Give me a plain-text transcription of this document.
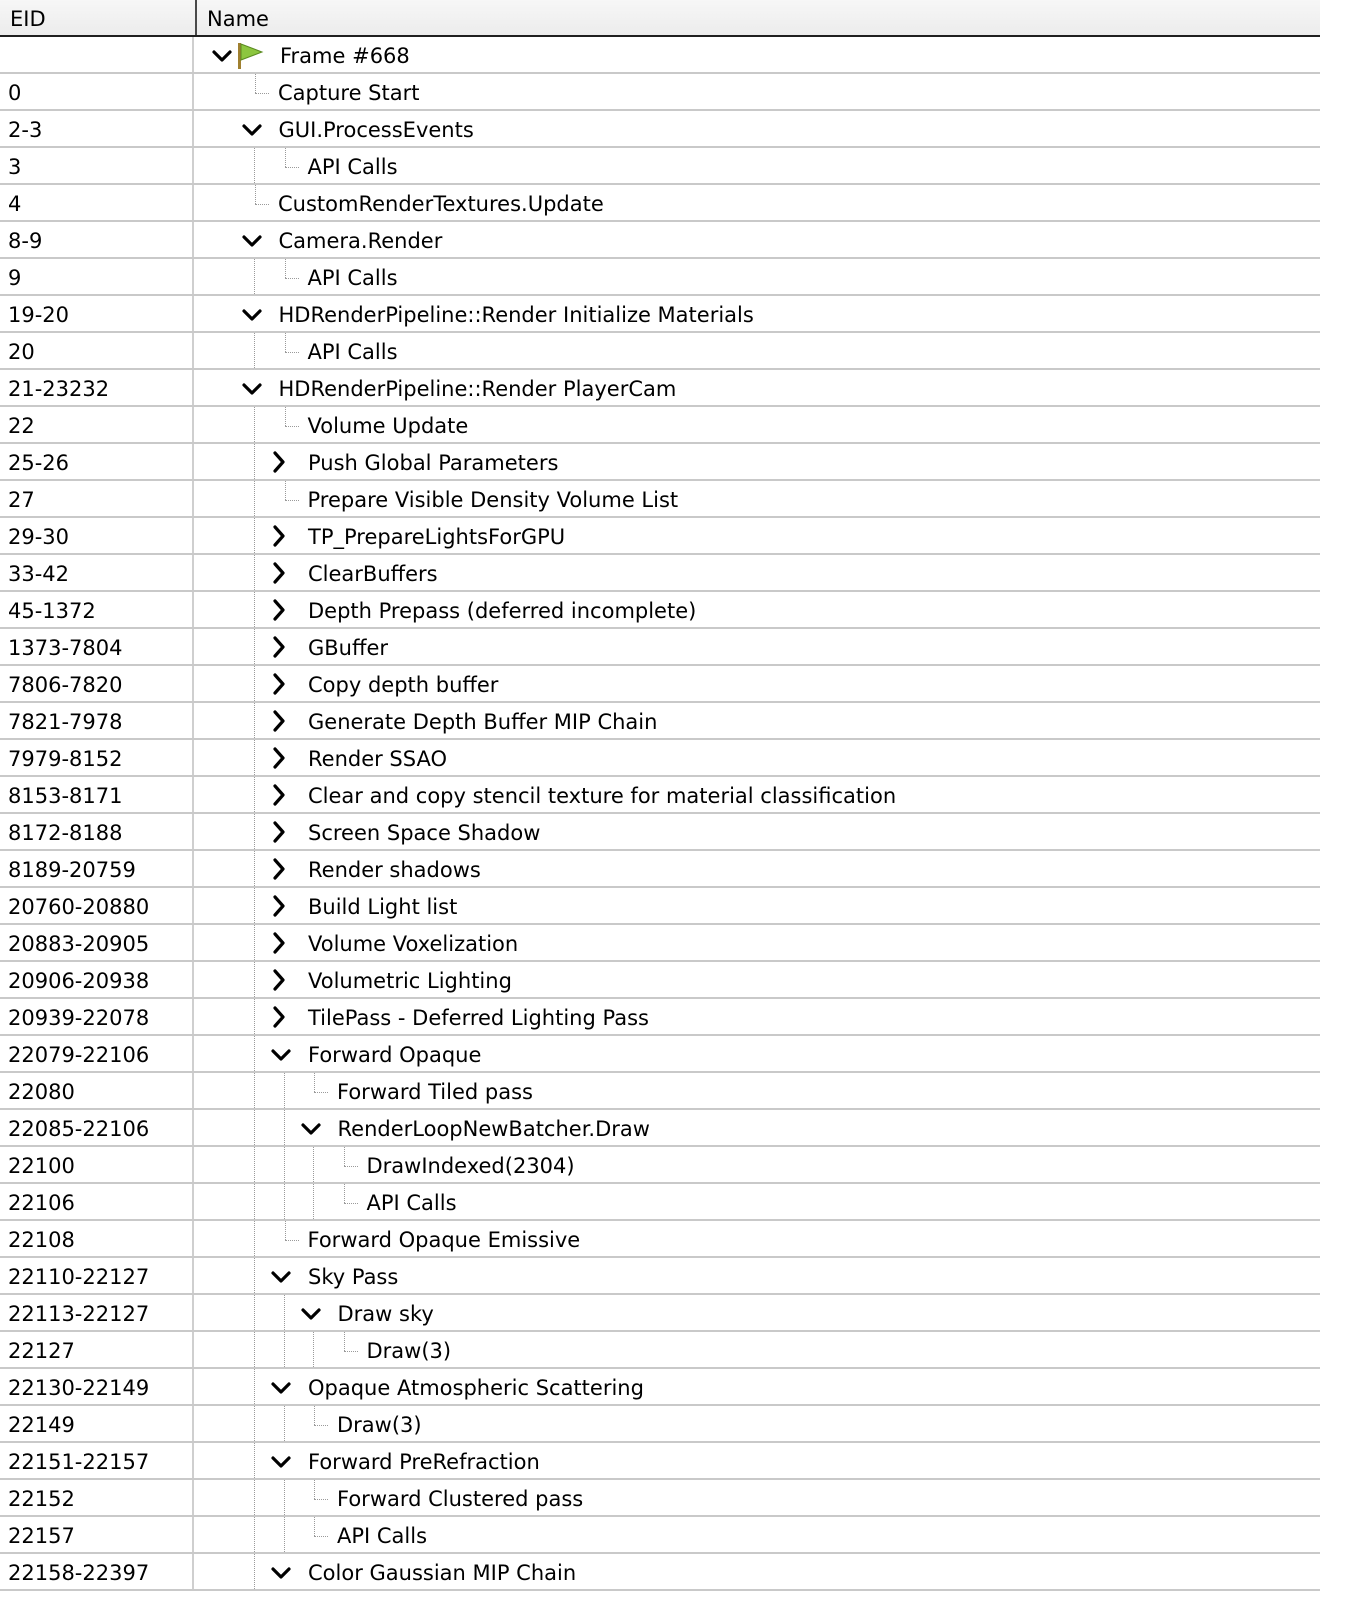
EID	Name
Frame #668
0	Capture Start
2-3	GUI.ProcessEvents
3	API Calls
4	CustomRenderTextures.Update
8-9	Camera.Render
9	API Calls
19-20	HDRenderPipeline::Render Initialize Materials
20	API Calls
21-23232	HDRenderPipeline::Render PlayerCam
22	Volume Update
25-26	Push Global Parameters
27	Prepare Visible Density Volume List
29-30	TP_PrepareLightsForGPU
33-42	ClearBuffers
45-1372	Depth Prepass (deferred incomplete)
1373-7804	GBuffer
7806-7820	Copy depth buffer
7821-7978	Generate Depth Buffer MIP Chain
7979-8152	Render SSAO
8153-8171	Clear and copy stencil texture for material classification
8172-8188	Screen Space Shadow
8189-20759	Render shadows
20760-20880	Build Light list
20883-20905	Volume Voxelization
20906-20938	Volumetric Lighting
20939-22078	TilePass - Deferred Lighting Pass
22079-22106	Forward Opaque
22080	Forward Tiled pass
22085-22106	RenderLoopNewBatcher.Draw
22100	DrawIndexed(2304)
22106	API Calls
22108	Forward Opaque Emissive
22110-22127	Sky Pass
22113-22127	Draw sky
22127	Draw(3)
22130-22149	Opaque Atmospheric Scattering
22149	Draw(3)
22151-22157	Forward PreRefraction
22152	Forward Clustered pass
22157	API Calls
22158-22397	Color Gaussian MIP Chain
